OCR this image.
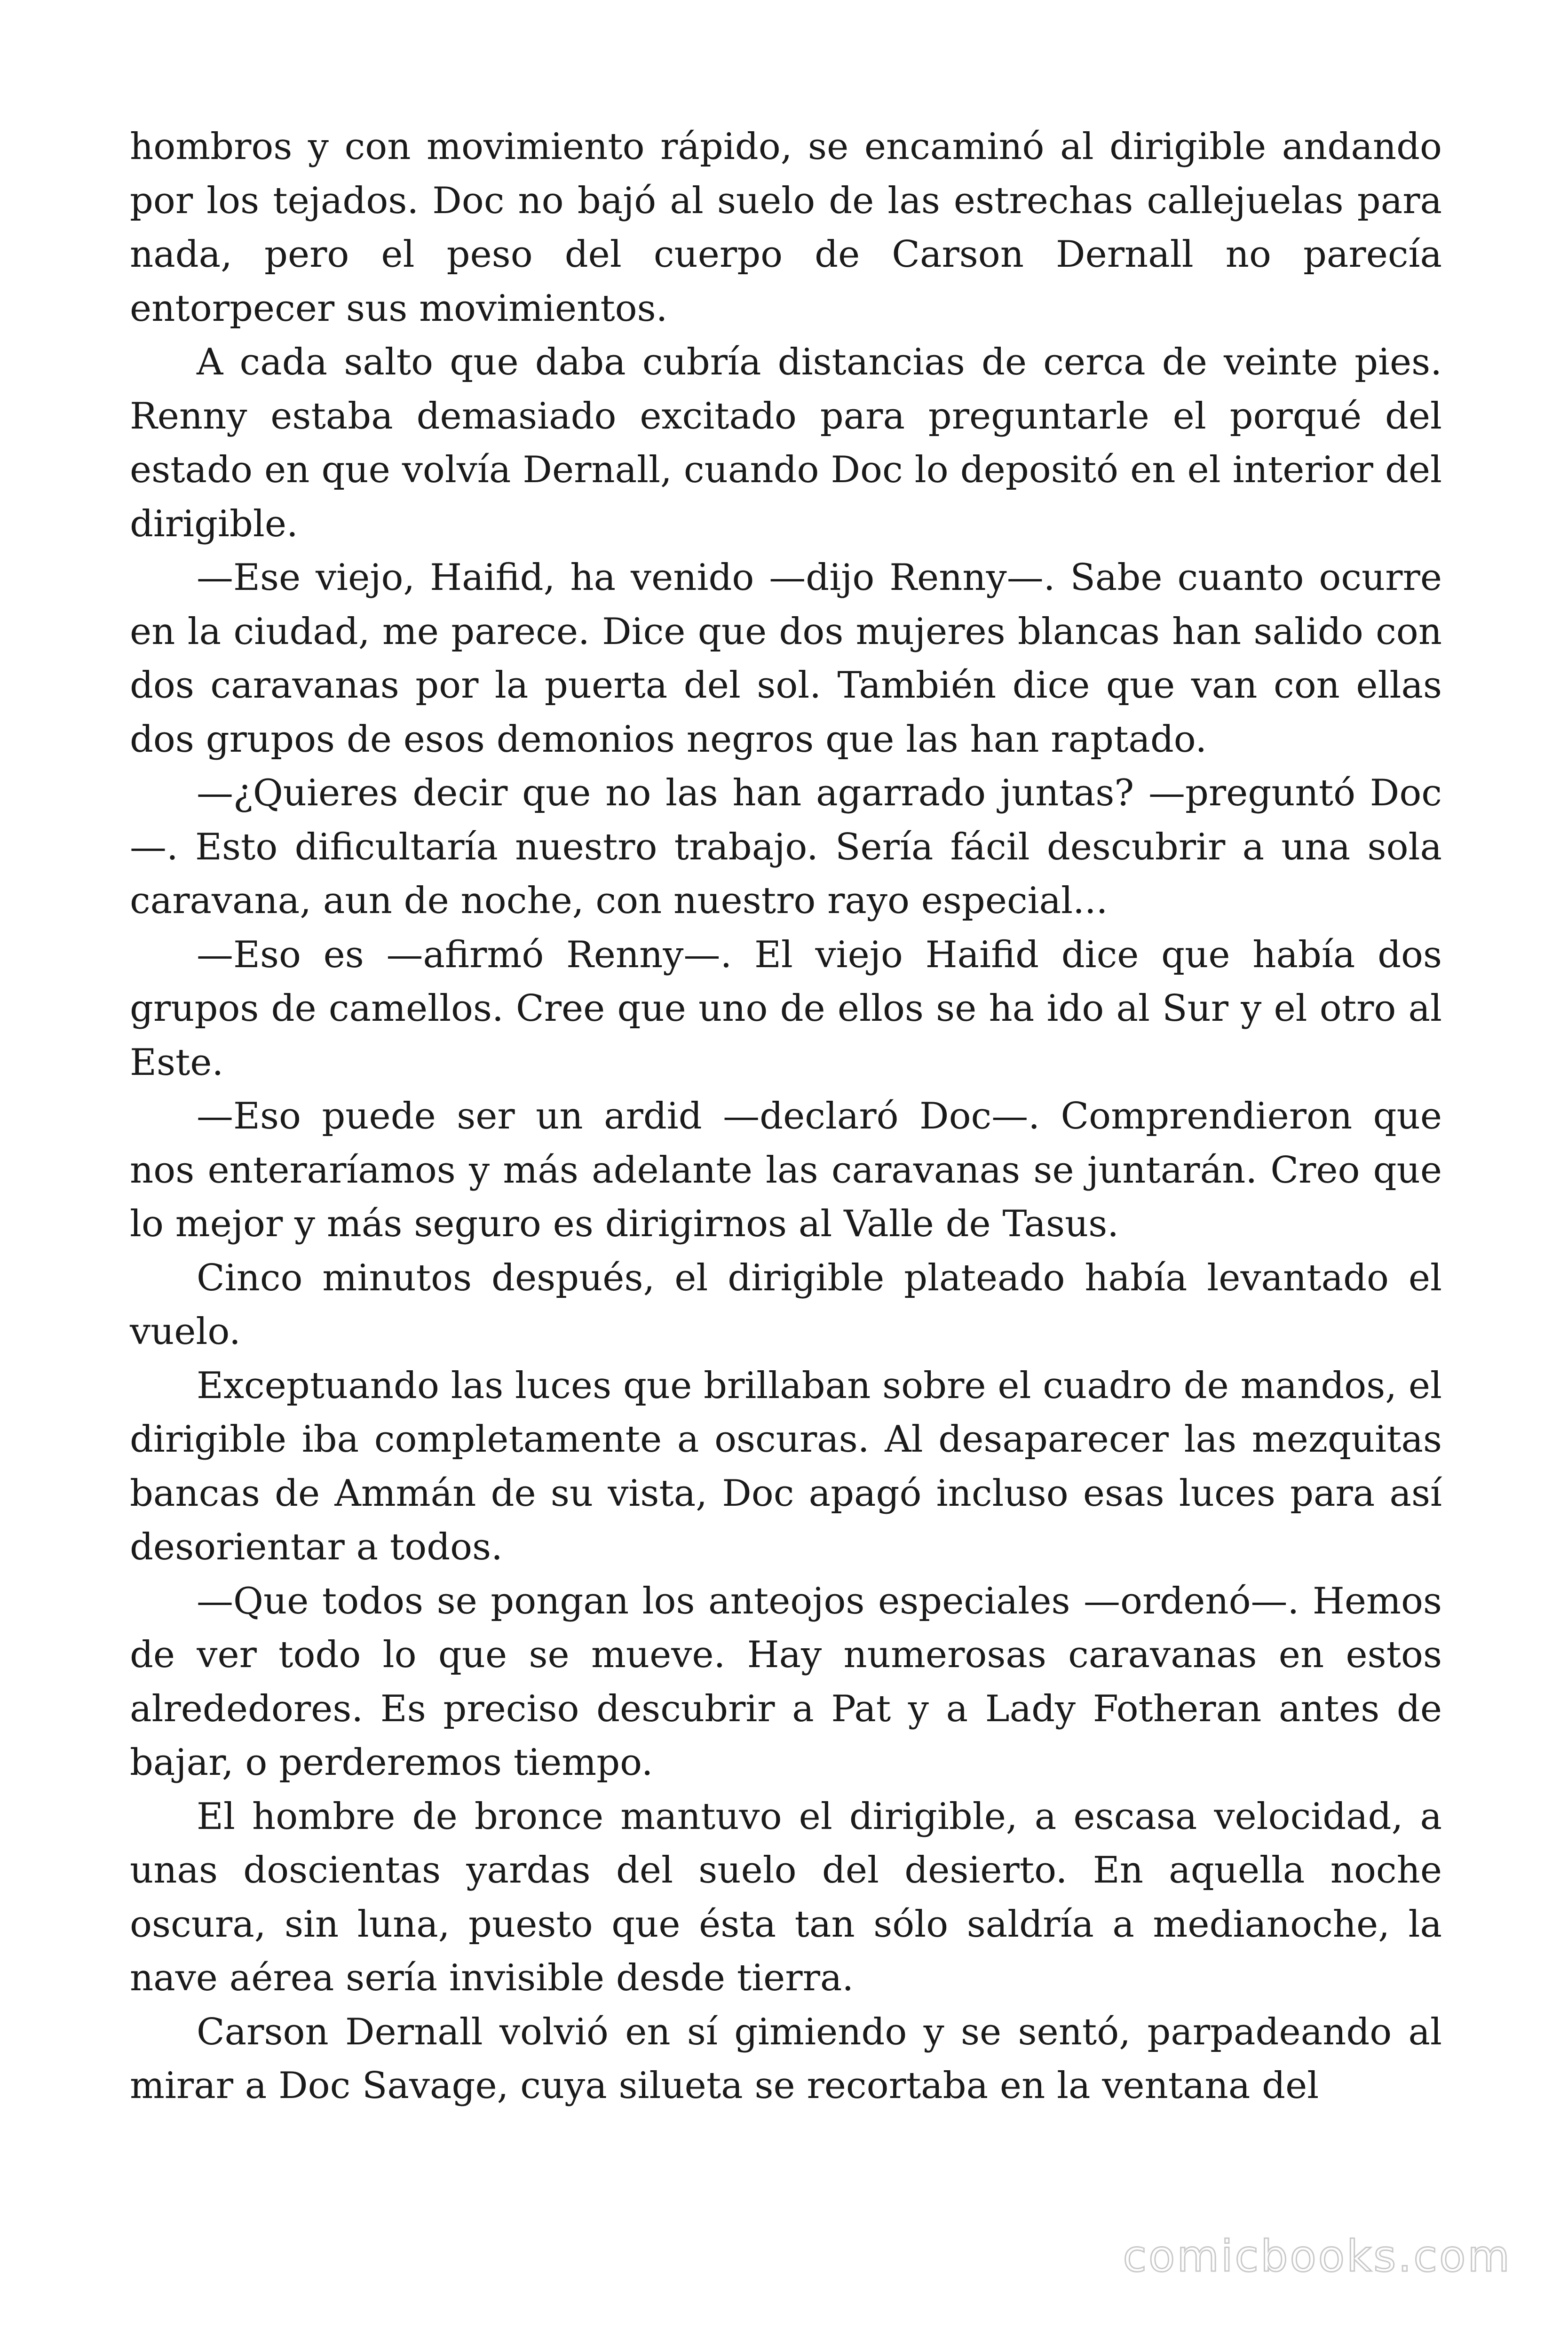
hombros y con movimiento rápido, se encaminó al dirigible andando por los tejados. Doc no bajó al suelo de las estrechas callejuelas para nada, pero el peso del cuerpo de Carson Dernall no parecía entorpecer sus movimientos.

A cada salto que daba cubría distancias de cerca de veinte pies. Renny estaba demasiado excitado para preguntarle el porqué del estado en que volvía Dernall, cuando Doc lo depositó en el interior del dirigible.

—Ese viejo, Haifid, ha venido —dijo Renny—. Sabe cuanto ocurre en la ciudad, me parece. Dice que dos mujeres blancas han salido con dos caravanas por la puerta del sol. También dice que van con ellas dos grupos de esos demonios negros que las han raptado.

—¿Quieres decir que no las han agarrado juntas? —preguntó Doc—. Esto dificultaría nuestro trabajo. Sería fácil descubrir a una sola caravana, aun de noche, con nuestro rayo especial...

—Eso es —afirmó Renny—. El viejo Haifid dice que había dos grupos de camellos. Cree que uno de ellos se ha ido al Sur y el otro al Este.

—Eso puede ser un ardid —declaró Doc—. Comprendieron que nos enteraríamos y más adelante las caravanas se juntarán. Creo que lo mejor y más seguro es dirigirnos al Valle de Tasus.

Cinco minutos después, el dirigible plateado había levantado el vuelo.

Exceptuando las luces que brillaban sobre el cuadro de mandos, el dirigible iba completamente a oscuras. Al desaparecer las mezquitas bancas de Ammán de su vista, Doc apagó incluso esas luces para así desorientar a todos.

—Que todos se pongan los anteojos especiales —ordenó—. Hemos de ver todo lo que se mueve. Hay numerosas caravanas en estos alrededores. Es preciso descubrir a Pat y a Lady Fotheran antes de bajar, o perderemos tiempo.

El hombre de bronce mantuvo el dirigible, a escasa velocidad, a unas doscientas yardas del suelo del desierto. En aquella noche oscura, sin luna, puesto que ésta tan sólo saldría a medianoche, la nave aérea sería invisible desde tierra.

Carson Dernall volvió en sí gimiendo y se sentó, parpadeando al mirar a Doc Savage, cuya silueta se recortaba en la ventana del

comicbooks.com
